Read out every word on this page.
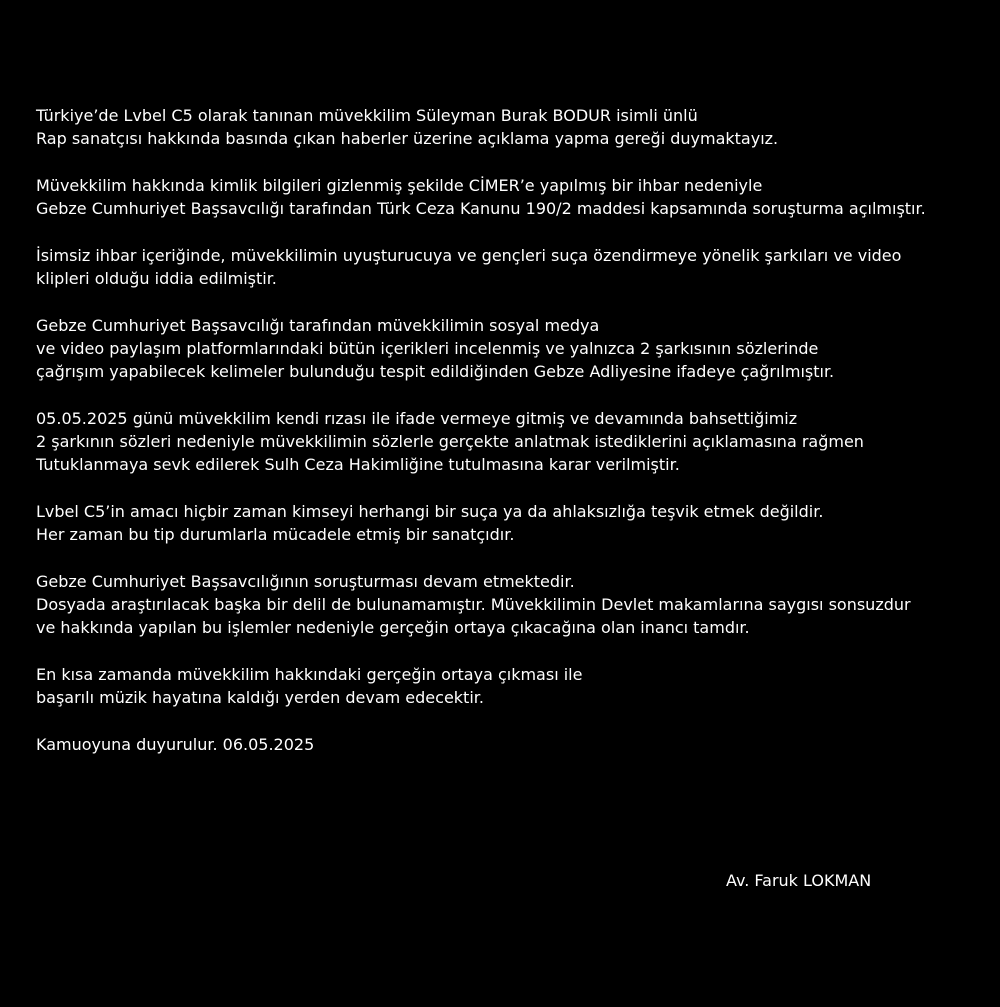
Türkiye’de Lvbel C5 olarak tanınan müvekkilim Süleyman Burak BODUR isimli ünlü
Rap sanatçısı hakkında basında çıkan haberler üzerine açıklama yapma gereği duymaktayız.

Müvekkilim hakkında kimlik bilgileri gizlenmiş şekilde CİMER’e yapılmış bir ihbar nedeniyle
Gebze Cumhuriyet Başsavcılığı tarafından Türk Ceza Kanunu 190/2 maddesi kapsamında soruşturma açılmıştır.

İsimsiz ihbar içeriğinde, müvekkilimin uyuşturucuya ve gençleri suça özendirmeye yönelik şarkıları ve video
klipleri olduğu iddia edilmiştir.

Gebze Cumhuriyet Başsavcılığı tarafından müvekkilimin sosyal medya
ve video paylaşım platformlarındaki bütün içerikleri incelenmiş ve yalnızca 2 şarkısının sözlerinde
çağrışım yapabilecek kelimeler bulunduğu tespit edildiğinden Gebze Adliyesine ifadeye çağrılmıştır.

05.05.2025 günü müvekkilim kendi rızası ile ifade vermeye gitmiş ve devamında bahsettiğimiz
2 şarkının sözleri nedeniyle müvekkilimin sözlerle gerçekte anlatmak istediklerini açıklamasına rağmen
Tutuklanmaya sevk edilerek Sulh Ceza Hakimliğine tutulmasına karar verilmiştir.

Lvbel C5’in amacı hiçbir zaman kimseyi herhangi bir suça ya da ahlaksızlığa teşvik etmek değildir.
Her zaman bu tip durumlarla mücadele etmiş bir sanatçıdır.

Gebze Cumhuriyet Başsavcılığının soruşturması devam etmektedir.
Dosyada araştırılacak başka bir delil de bulunamamıştır. Müvekkilimin Devlet makamlarına saygısı sonsuzdur
ve hakkında yapılan bu işlemler nedeniyle gerçeğin ortaya çıkacağına olan inancı tamdır.

En kısa zamanda müvekkilim hakkındaki gerçeğin ortaya çıkması ile
başarılı müzik hayatına kaldığı yerden devam edecektir.

Kamuoyuna duyurulur. 06.05.2025

Av. Faruk LOKMAN
